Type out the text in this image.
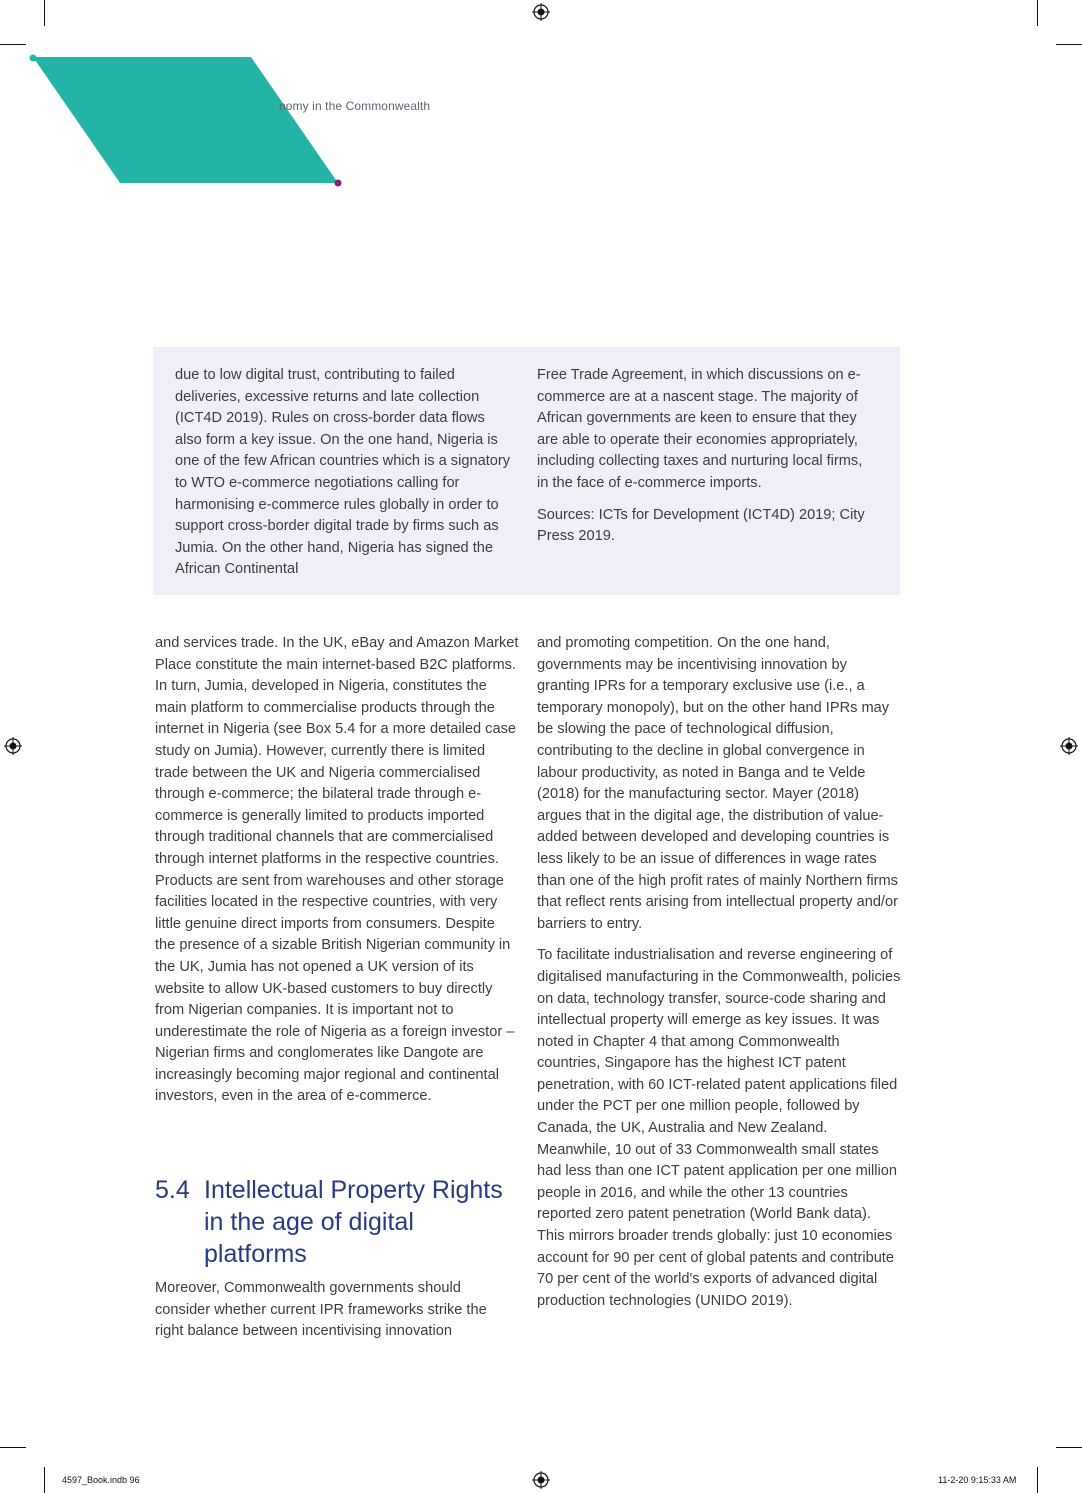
nomy in the Commonwealth

due to low digital trust, contributing to failed deliveries, excessive returns and late collection (ICT4D 2019). Rules on cross-border data flows also form a key issue. On the one hand, Nigeria is one of the few African countries which is a signatory to WTO e-commerce negotiations calling for harmonising e-commerce rules globally in order to support cross-border digital trade by firms such as Jumia. On the other hand, Nigeria has signed the African Continental

Free Trade Agreement, in which discussions on e-commerce are at a nascent stage. The majority of African governments are keen to ensure that they are able to operate their economies appropriately, including collecting taxes and nurturing local firms, in the face of e-commerce imports.

Sources: ICTs for Development (ICT4D) 2019; City Press 2019.

and services trade. In the UK, eBay and Amazon Market Place constitute the main internet-based B2C platforms. In turn, Jumia, developed in Nigeria, constitutes the main platform to commercialise products through the internet in Nigeria (see Box 5.4 for a more detailed case study on Jumia). However, currently there is limited trade between the UK and Nigeria commercialised through e-commerce; the bilateral trade through e-commerce is generally limited to products imported through traditional channels that are commercialised through internet platforms in the respective countries. Products are sent from warehouses and other storage facilities located in the respective countries, with very little genuine direct imports from consumers. Despite the presence of a sizable British Nigerian community in the UK, Jumia has not opened a UK version of its website to allow UK-based customers to buy directly from Nigerian companies. It is important not to underestimate the role of Nigeria as a foreign investor – Nigerian firms and conglomerates like Dangote are increasingly becoming major regional and continental investors, even in the area of e-commerce.

5.4 Intellectual Property Rights in the age of digital platforms

Moreover, Commonwealth governments should consider whether current IPR frameworks strike the right balance between incentivising innovation

and promoting competition. On the one hand, governments may be incentivising innovation by granting IPRs for a temporary exclusive use (i.e., a temporary monopoly), but on the other hand IPRs may be slowing the pace of technological diffusion, contributing to the decline in global convergence in labour productivity, as noted in Banga and te Velde (2018) for the manufacturing sector. Mayer (2018) argues that in the digital age, the distribution of value-added between developed and developing countries is less likely to be an issue of differences in wage rates than one of the high profit rates of mainly Northern firms that reflect rents arising from intellectual property and/or barriers to entry.

To facilitate industrialisation and reverse engineering of digitalised manufacturing in the Commonwealth, policies on data, technology transfer, source-code sharing and intellectual property will emerge as key issues. It was noted in Chapter 4 that among Commonwealth countries, Singapore has the highest ICT patent penetration, with 60 ICT-related patent applications filed under the PCT per one million people, followed by Canada, the UK, Australia and New Zealand. Meanwhile, 10 out of 33 Commonwealth small states had less than one ICT patent application per one million people in 2016, and while the other 13 countries reported zero patent penetration (World Bank data). This mirrors broader trends globally: just 10 economies account for 90 per cent of global patents and contribute 70 per cent of the world's exports of advanced digital production technologies (UNIDO 2019).

4597_Book.indb 96	11-2-20 9:15:33 AM
